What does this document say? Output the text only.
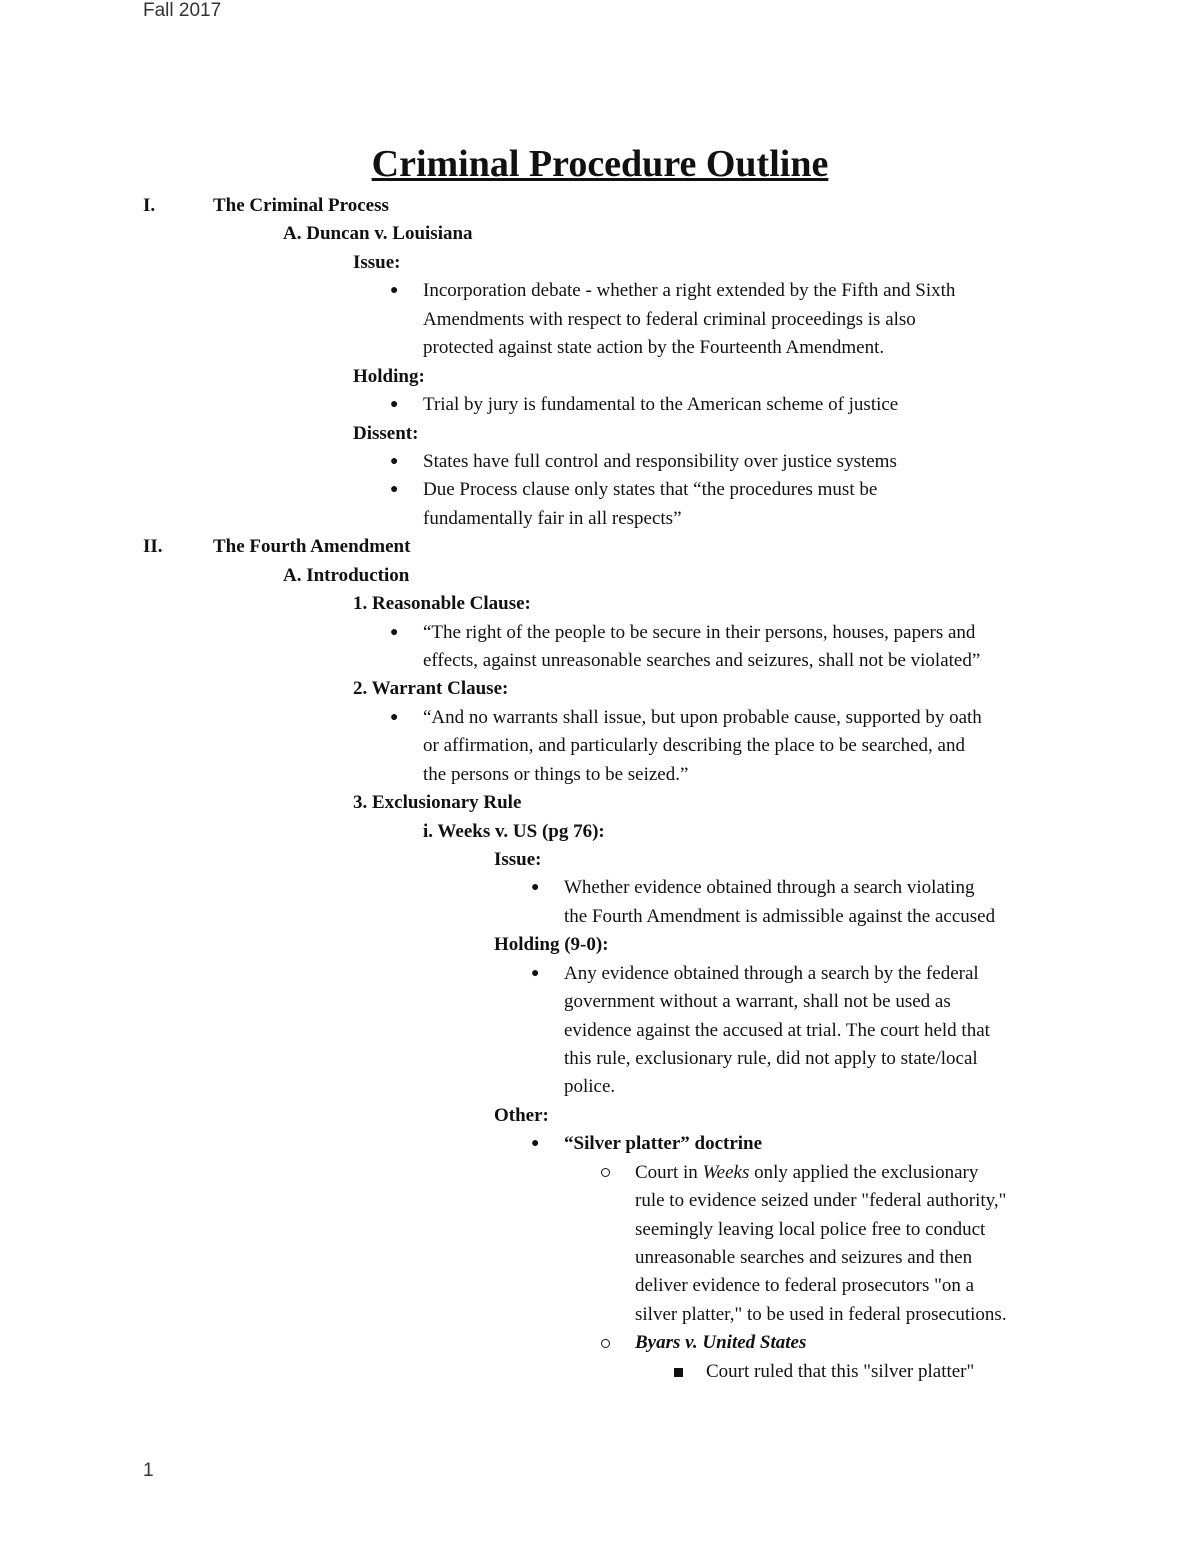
Fall 2017
Criminal Procedure Outline
I.	The Criminal Process
A. Duncan v. Louisiana
Issue:
● Incorporation debate - whether a right extended by the Fifth and Sixth
Amendments with respect to federal criminal proceedings is also
protected against state action by the Fourteenth Amendment.
Holding:
● Trial by jury is fundamental to the American scheme of justice
Dissent:
● States have full control and responsibility over justice systems
● Due Process clause only states that “the procedures must be
fundamentally fair in all respects”
II.	The Fourth Amendment
A. Introduction
1. Reasonable Clause:
● “The right of the people to be secure in their persons, houses, papers and
effects, against unreasonable searches and seizures, shall not be violated”
2. Warrant Clause:
● “And no warrants shall issue, but upon probable cause, supported by oath
or affirmation, and particularly describing the place to be searched, and
the persons or things to be seized.”
3. Exclusionary Rule
i. Weeks v. US (pg 76):
Issue:
● Whether evidence obtained through a search violating
the Fourth Amendment is admissible against the accused
Holding (9-0):
● Any evidence obtained through a search by the federal
government without a warrant, shall not be used as
evidence against the accused at trial. The court held that
this rule, exclusionary rule, did not apply to state/local
police.
Other:
● “Silver platter” doctrine
Court in Weeks only applied the exclusionary
rule to evidence seized under "federal authority,"
seemingly leaving local police free to conduct
unreasonable searches and seizures and then
deliver evidence to federal prosecutors "on a
silver platter," to be used in federal prosecutions.
Byars v. United States
Court ruled that this "silver platter"
1
